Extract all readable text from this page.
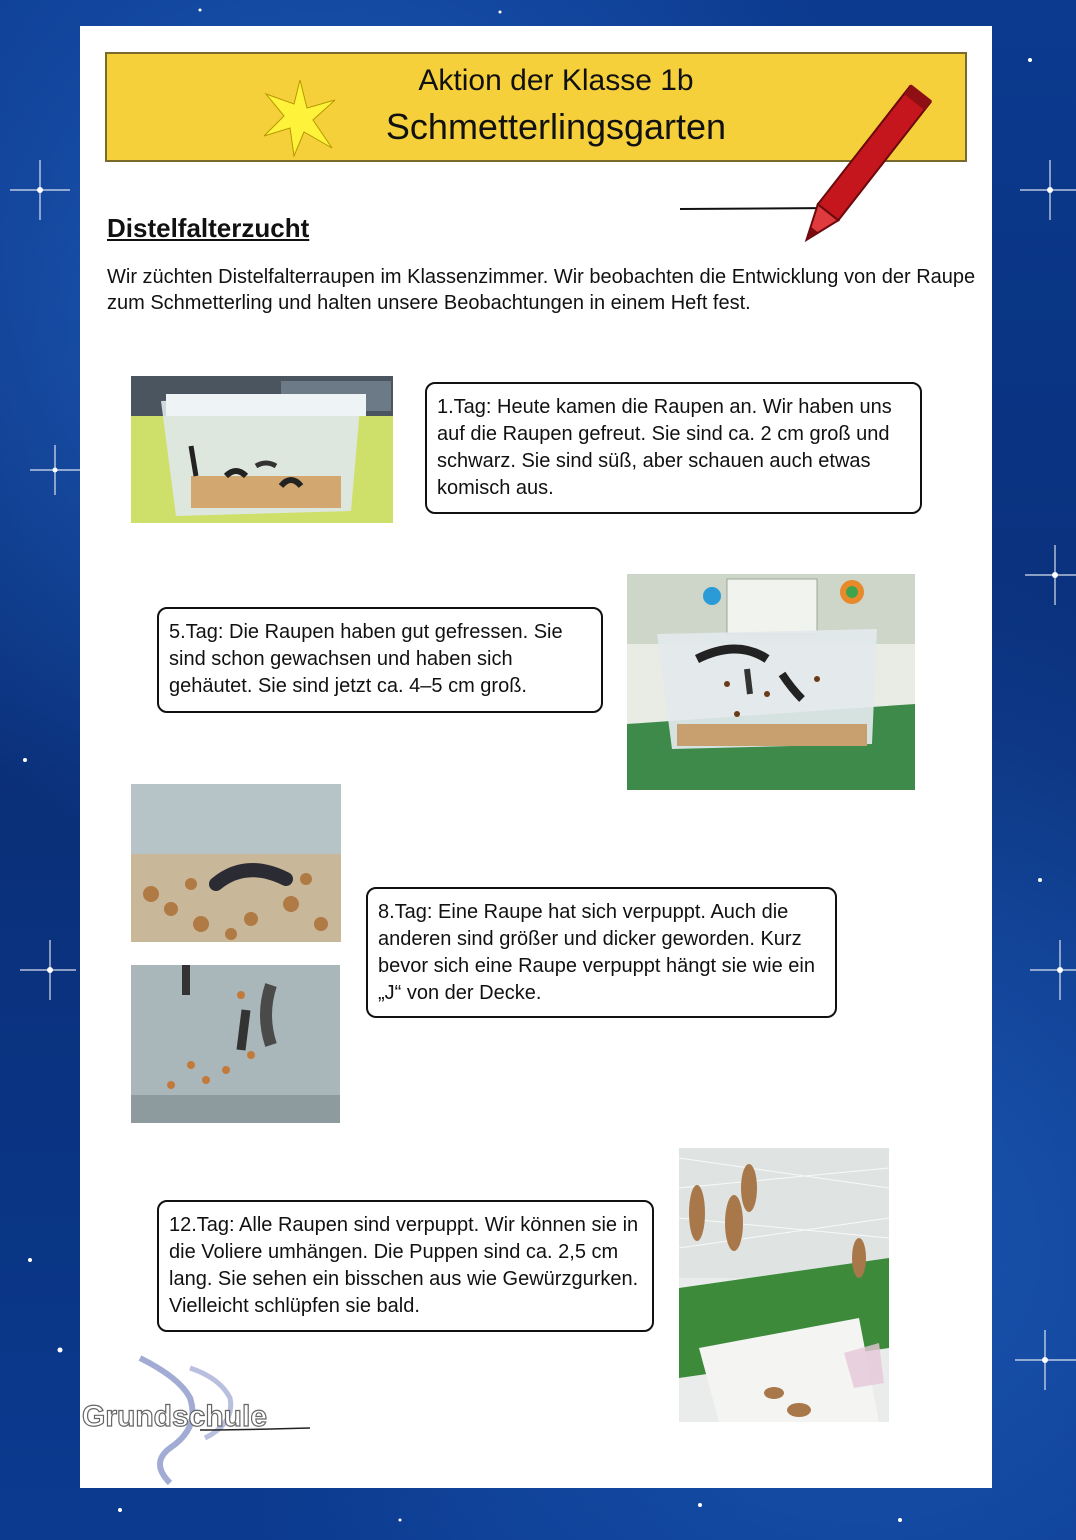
Aktion der Klasse 1b
Schmetterlingsgarten
Distelfalterzucht
Wir züchten Distelfalterraupen im Klassenzimmer. Wir beobachten die Entwicklung von der Raupe zum Schmetterling und halten unsere Beobachtungen in einem Heft fest.
1.Tag: Heute kamen die Raupen an. Wir haben uns auf die Raupen gefreut. Sie sind ca. 2 cm groß und schwarz. Sie sind süß, aber schauen auch etwas komisch aus.
5.Tag: Die Raupen haben gut gefressen. Sie sind schon gewachsen und haben sich gehäutet. Sie sind jetzt ca. 4–5 cm groß.
8.Tag: Eine Raupe hat sich verpuppt. Auch die anderen sind größer und dicker geworden. Kurz bevor sich eine Raupe verpuppt hängt sie wie ein „J“ von der Decke.
12.Tag: Alle Raupen sind verpuppt. Wir können sie in die Voliere umhängen. Die Puppen sind ca. 2,5 cm lang. Sie sehen ein bisschen aus wie Gewürzgurken. Vielleicht schlüpfen sie bald.
Grundschule
